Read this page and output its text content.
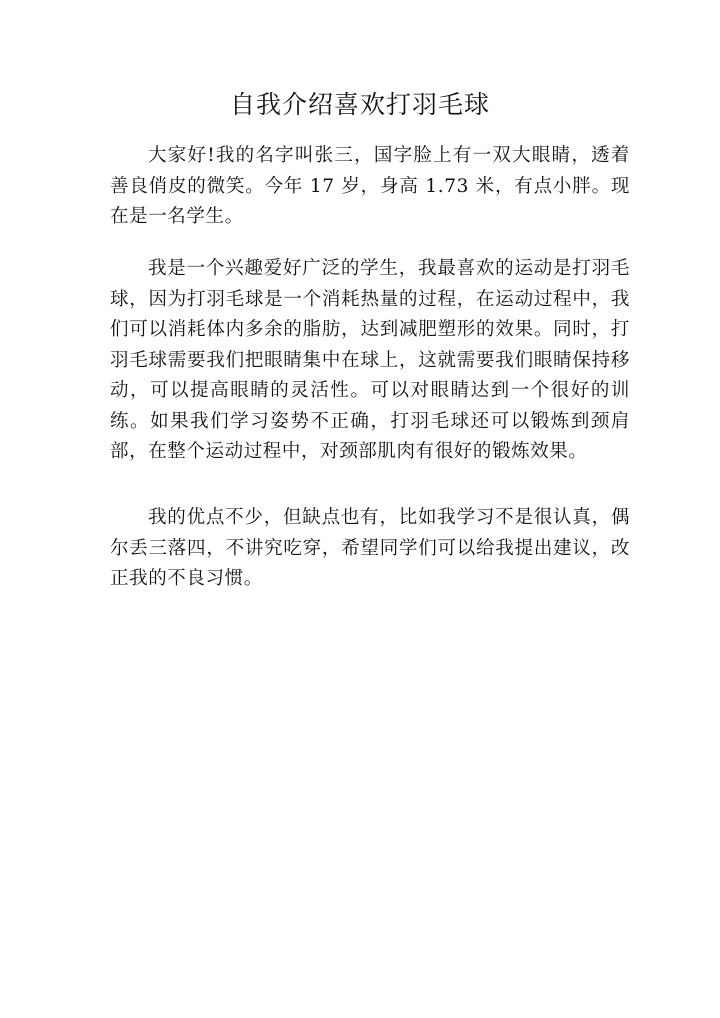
自我介绍喜欢打羽毛球

大家好!我的名字叫张三，国字脸上有一双大眼睛，透着善良俏皮的微笑。今年 17 岁，身高 1.73 米，有点小胖。现在是一名学生。

我是一个兴趣爱好广泛的学生，我最喜欢的运动是打羽毛球，因为打羽毛球是一个消耗热量的过程，在运动过程中，我们可以消耗体内多余的脂肪，达到减肥塑形的效果。同时，打羽毛球需要我们把眼睛集中在球上，这就需要我们眼睛保持移动，可以提高眼睛的灵活性。可以对眼睛达到一个很好的训练。如果我们学习姿势不正确，打羽毛球还可以锻炼到颈肩部，在整个运动过程中，对颈部肌肉有很好的锻炼效果。

我的优点不少，但缺点也有，比如我学习不是很认真，偶尔丢三落四，不讲究吃穿，希望同学们可以给我提出建议，改正我的不良习惯。
